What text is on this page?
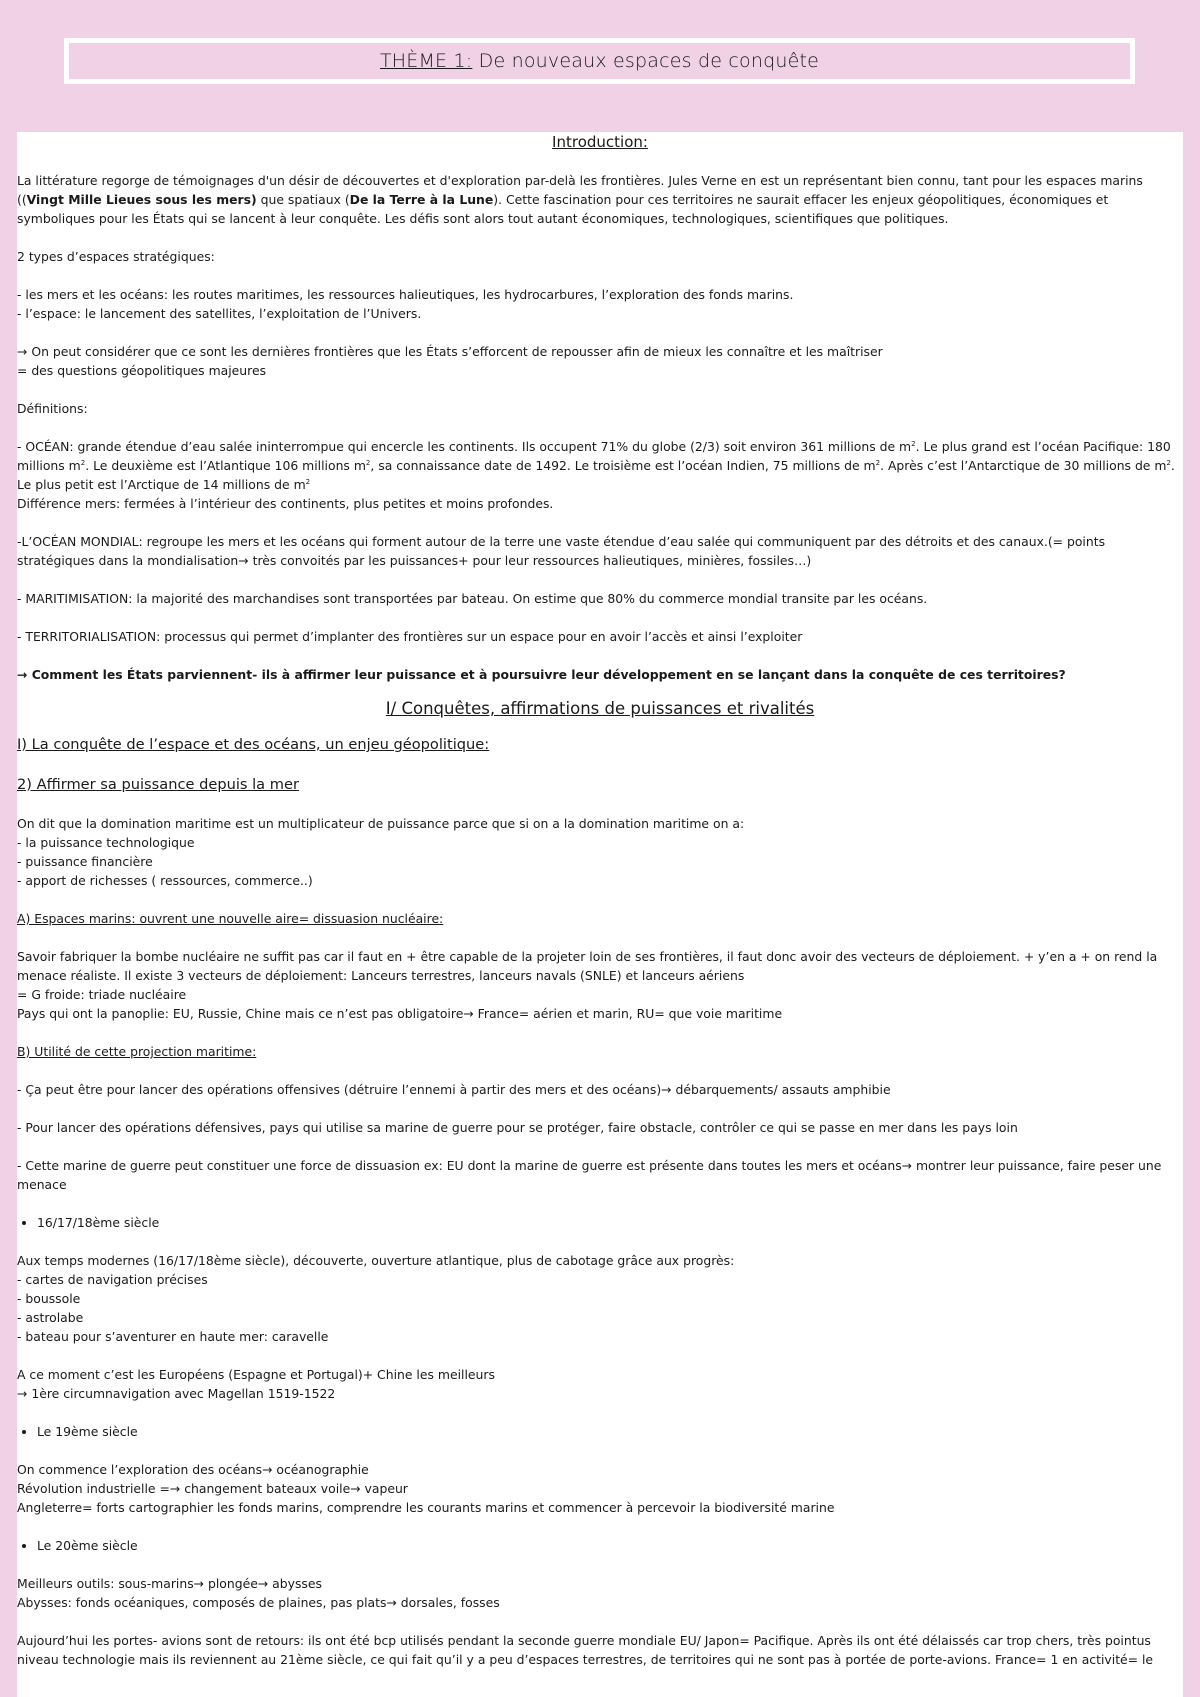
THÈME 1:
De nouveaux espaces de conquête

Introduction:

La littérature regorge de témoignages d'un désir de découvertes et d'exploration par-delà les frontières. Jules Verne en est un représentant bien connu, tant pour les espaces marins ((Vingt Mille Lieues sous les mers) que spatiaux (De la Terre à la Lune). Cette fascination pour ces territoires ne saurait effacer les enjeux géopolitiques, économiques et symboliques pour les États qui se lancent à leur conquête. Les défis sont alors tout autant économiques, technologiques, scientifiques que politiques.

2 types d’espaces stratégiques:

- les mers et les océans: les routes maritimes, les ressources halieutiques, les hydrocarbures, l’exploration des fonds marins.

- l’espace: le lancement des satellites, l’exploitation de l’Univers.

→ On peut considérer que ce sont les dernières frontières que les États s’efforcent de repousser afin de mieux les connaître et les maîtriser

= des questions géopolitiques majeures

Définitions:

- OCÉAN: grande étendue d’eau salée ininterrompue qui encercle les continents. Ils occupent 71% du globe (2/3) soit environ 361 millions de $m^2$. Le plus grand est l’océan Pacifique: 180 millions $m^2$. Le deuxième est l’Atlantique 106 millions $m^2$, sa connaissance date de 1492. Le troisième est l’océan Indien, 75 millions de $m^2$. Après c’est l’Antarctique de 30 millions de $m^2$. Le plus petit est l’Arctique de 14 millions de $m^2$

Différence mers: fermées à l’intérieur des continents, plus petites et moins profondes.

-L’OCÉAN MONDIAL: regroupe les mers et les océans qui forment autour de la terre une vaste étendue d’eau salée qui communiquent par des détroits et des canaux.(= points stratégiques dans la mondialisation→ très convoités par les puissances+ pour leur ressources halieutiques, minières, fossiles…)

- MARITIMISATION: la majorité des marchandises sont transportées par bateau. On estime que 80% du commerce mondial transite par les océans.

- TERRITORIALISATION: processus qui permet d’implanter des frontières sur un espace pour en avoir l’accès et ainsi l’exploiter

→ Comment les États parviennent- ils à affirmer leur puissance et à poursuivre leur développement en se lançant dans la conquête de ces territoires?

I/ Conquêtes, affirmations de puissances et rivalités

I) La conquête de l’espace et des océans, un enjeu géopolitique:

2) Affirmer sa puissance depuis la mer

On dit que la domination maritime est un multiplicateur de puissance parce que si on a la domination maritime on a:

- la puissance technologique

- puissance financière

- apport de richesses ( ressources, commerce..)

A) Espaces marins: ouvrent une nouvelle aire= dissuasion nucléaire:

Savoir fabriquer la bombe nucléaire ne suffit pas car il faut en + être capable de la projeter loin de ses frontières, il faut donc avoir des vecteurs de déploiement. + y’en a + on rend la menace réaliste. Il existe 3 vecteurs de déploiement: Lanceurs terrestres, lanceurs navals (SNLE) et lanceurs aériens

= G froide: triade nucléaire

Pays qui ont la panoplie: EU, Russie, Chine mais ce n’est pas obligatoire→ France= aérien et marin, RU= que voie maritime

B) Utilité de cette projection maritime:

- Ça peut être pour lancer des opérations offensives (détruire l’ennemi à partir des mers et des océans)→ débarquements/ assauts amphibie

- Pour lancer des opérations défensives, pays qui utilise sa marine de guerre pour se protéger, faire obstacle, contrôler ce qui se passe en mer dans les pays loin

- Cette marine de guerre peut constituer une force de dissuasion ex: EU dont la marine de guerre est présente dans toutes les mers et océans→ montrer leur puissance, faire peser une menace

• 16/17/18ème siècle

Aux temps modernes (16/17/18ème siècle), découverte, ouverture atlantique, plus de cabotage grâce aux progrès:

- cartes de navigation précises

- boussole

- astrolabe

- bateau pour s’aventurer en haute mer: caravelle

A ce moment c’est les Européens (Espagne et Portugal)+ Chine les meilleurs

→ 1ère circumnavigation avec Magellan 1519-1522

• Le 19ème siècle

On commence l’exploration des océans→ océanographie

Révolution industrielle =→ changement bateaux voile→ vapeur

Angleterre= forts cartographier les fonds marins, comprendre les courants marins et commencer à percevoir la biodiversité marine

• Le 20ème siècle

Meilleurs outils: sous-marins→ plongée→ abysses

Abysses: fonds océaniques, composés de plaines, pas plats→ dorsales, fosses

Aujourd’hui les portes- avions sont de retours: ils ont été bcp utilisés pendant la seconde guerre mondiale EU/ Japon= Pacifique. Après ils ont été délaissés car trop chers, très pointus niveau technologie mais ils reviennent au 21ème siècle, ce qui fait qu’il y a peu d’espaces terrestres, de territoires qui ne sont pas à portée de porte-avions. France= 1 en activité= le
